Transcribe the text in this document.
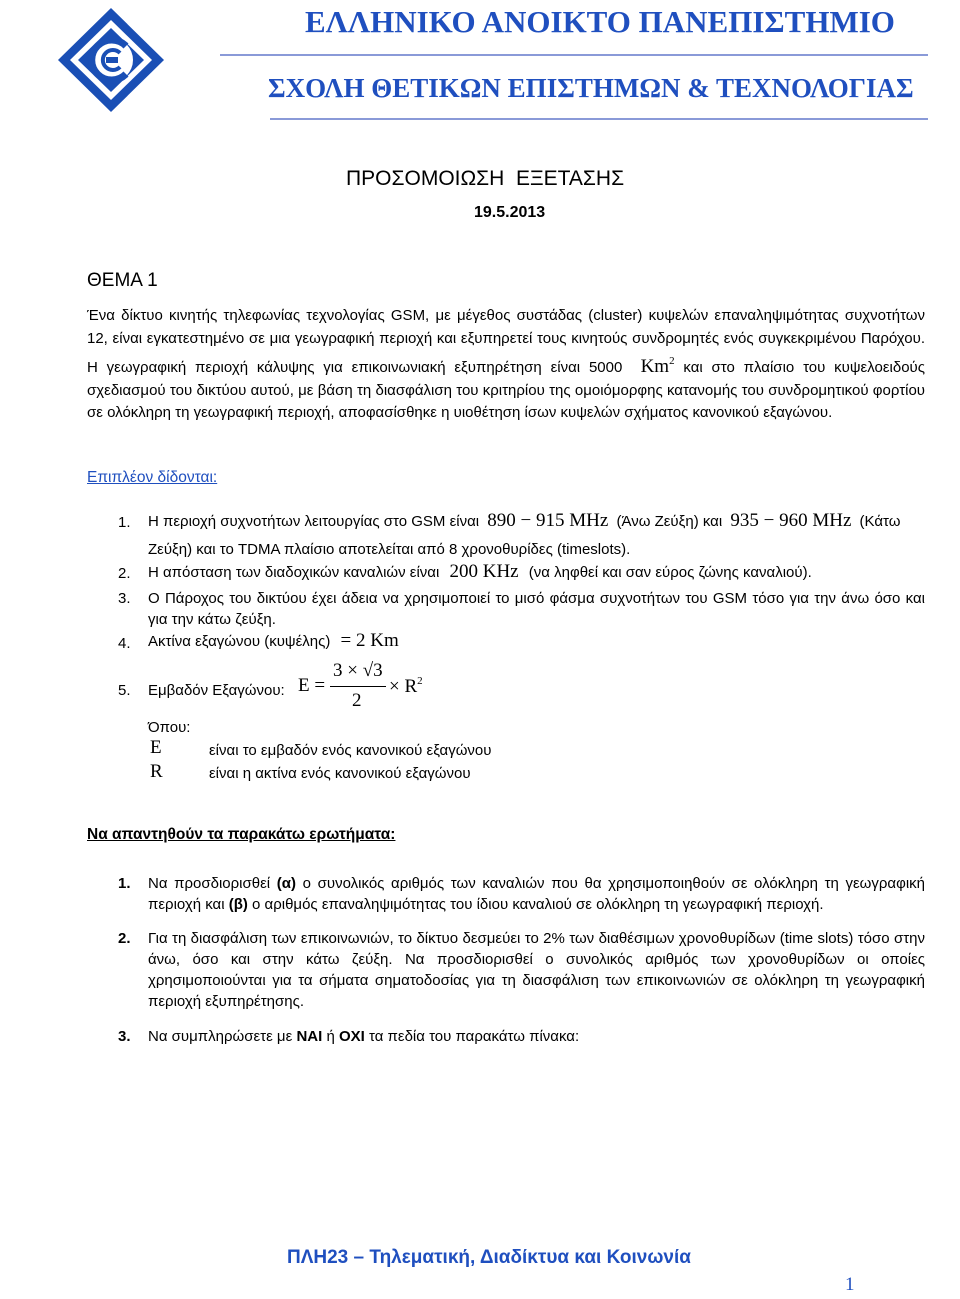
ΕΛΛΗΝΙΚΟ ΑΝΟΙΚΤΟ ΠΑΝΕΠΙΣΤΗΜΙΟ
ΣΧΟΛΗ ΘΕΤΙΚΩΝ ΕΠΙΣΤΗΜΩΝ & ΤΕΧΝΟΛΟΓΙΑΣ
ΠΡΟΣΟΜΟΙΩΣΗ  ΕΞΕΤΑΣΗΣ
19.5.2013
ΘΕΜΑ 1
Ένα δίκτυο κινητής τηλεφωνίας τεχνολογίας GSM, με μέγεθος συστάδας (cluster) κυψελών επαναληψιμότητας συχνοτήτων 12, είναι εγκατεστημένο σε μια γεωγραφική περιοχή και εξυπηρετεί τους κινητούς συνδρομητές ενός συγκεκριμένου Παρόχου. Η γεωγραφική περιοχή κάλυψης για επικοινωνιακή εξυπηρέτηση είναι 5000 Km$^2$ και στο πλαίσιο του κυψελοειδούς σχεδιασμού του δικτύου αυτού, με βάση τη διασφάλιση του κριτηρίου της ομοιόμορφης κατανομής του συνδρομητικού φορτίου σε ολόκληρη τη γεωγραφική περιοχή, αποφασίσθηκε η υιοθέτηση ίσων κυψελών σχήματος κανονικού εξαγώνου.
Επιπλέον δίδονται:
1. Η περιοχή συχνοτήτων λειτουργίας στο GSM είναι 890 − 915 MHz (Άνω Ζεύξη) και 935 − 960 MHz (Κάτω
Ζεύξη) και το TDMA πλαίσιο αποτελείται από 8 χρονοθυρίδες (timeslots).
2. Η απόσταση των διαδοχικών καναλιών είναι 200 KHz (να ληφθεί και σαν εύρος ζώνης καναλιού).
3. Ο Πάροχος του δικτύου έχει άδεια να χρησιμοποιεί το μισό φάσμα συχνοτήτων του GSM τόσο για την άνω όσο και για την κάτω ζεύξη.
4. Ακτίνα εξαγώνου (κυψέλης) = 2 Km
5. Εμβαδόν Εξαγώνου: E =
3 × √3
2
× $R^2$
Όπου:
E	είναι το εμβαδόν ενός κανονικού εξαγώνου
R	είναι η ακτίνα ενός κανονικού εξαγώνου
Να απαντηθούν τα παρακάτω ερωτήματα:
1. Να προσδιορισθεί (α) ο συνολικός αριθμός των καναλιών που θα χρησιμοποιηθούν σε ολόκληρη τη γεωγραφική περιοχή και (β) ο αριθμός επαναληψιμότητας του ίδιου καναλιού σε ολόκληρη τη γεωγραφική περιοχή.
2. Για τη διασφάλιση των επικοινωνιών, το δίκτυο δεσμεύει το 2% των διαθέσιμων χρονοθυρίδων (time slots) τόσο στην άνω, όσο και στην κάτω ζεύξη. Να προσδιορισθεί ο συνολικός αριθμός των χρονοθυρίδων οι οποίες χρησιμοποιούνται για τα σήματα σηματοδοσίας για τη διασφάλιση των επικοινωνιών σε ολόκληρη τη γεωγραφική περιοχή εξυπηρέτησης.
3. Να συμπληρώσετε με ΝΑΙ ή ΟΧΙ τα πεδία του παρακάτω πίνακα:
ΠΛΗ23 – Τηλεματική, Διαδίκτυα και Κοινωνία
1
